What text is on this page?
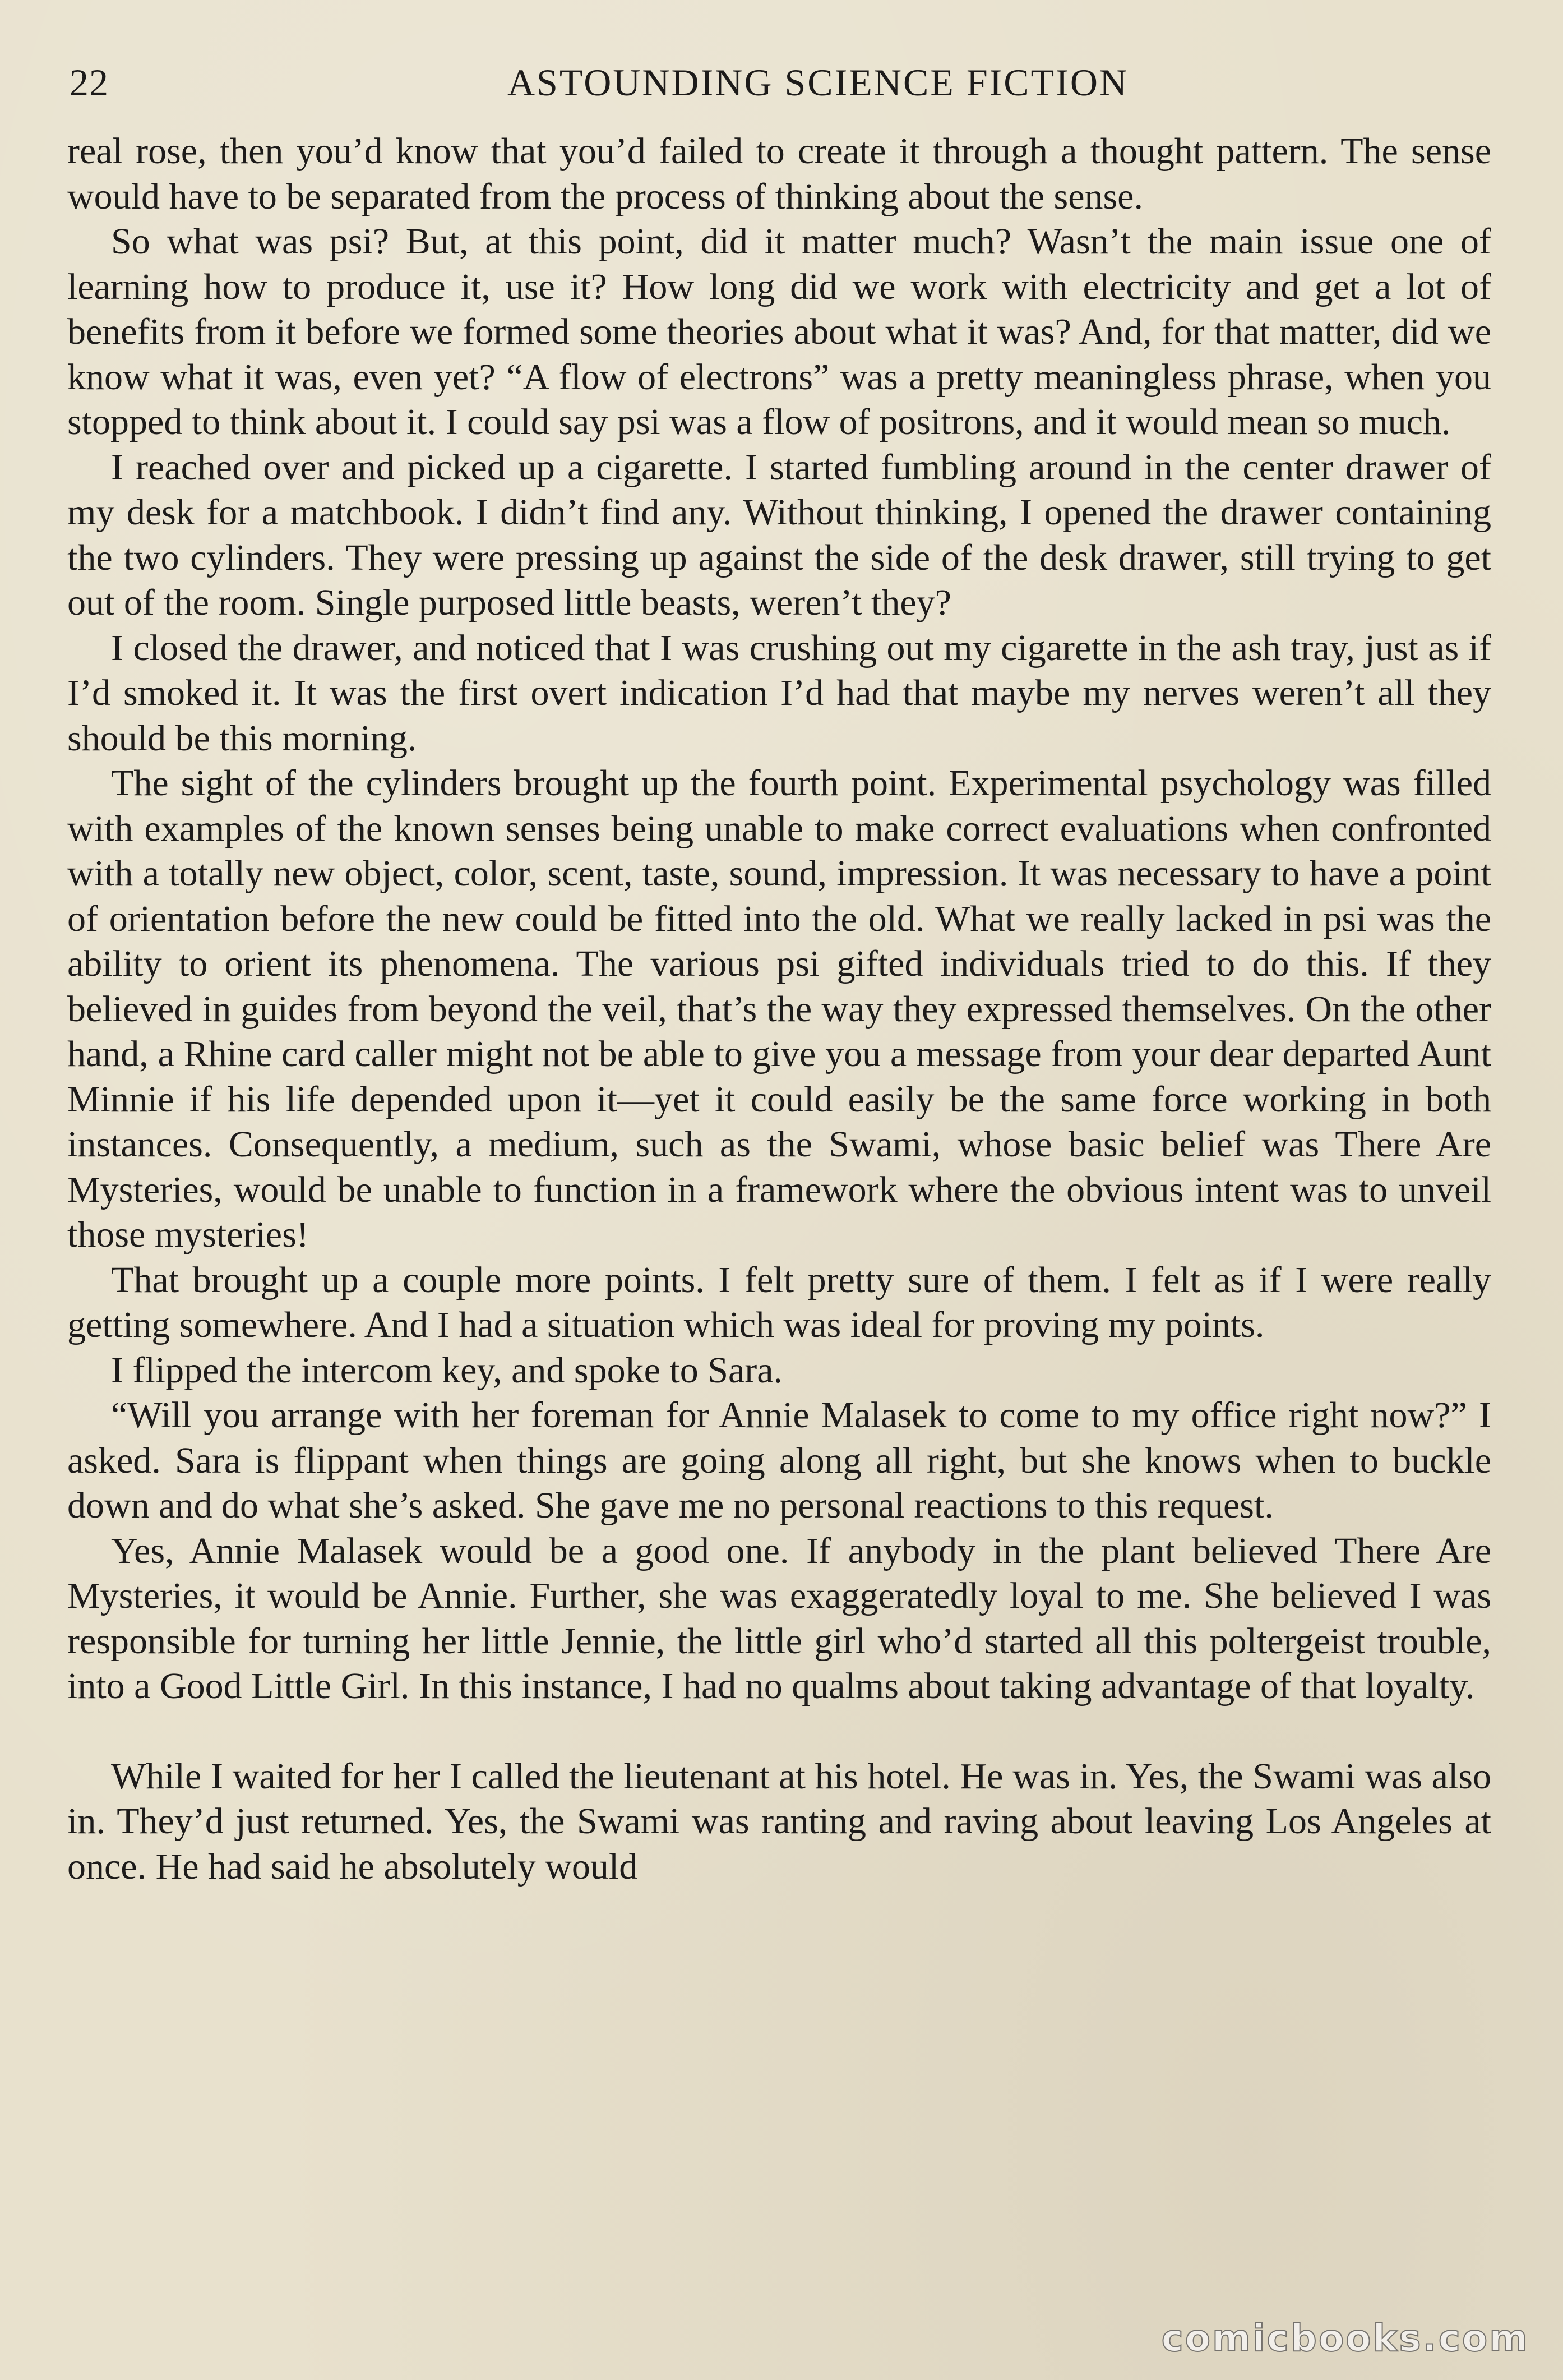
22	ASTOUNDING SCIENCE FICTION

real rose, then you’d know that you’d failed to create it through a thought pattern. The sense would have to be separated from the process of thinking about the sense.

So what was psi? But, at this point, did it matter much? Wasn’t the main issue one of learning how to produce it, use it? How long did we work with electricity and get a lot of benefits from it before we formed some theories about what it was? And, for that matter, did we know what it was, even yet? “A flow of electrons” was a pretty meaningless phrase, when you stopped to think about it. I could say psi was a flow of positrons, and it would mean so much.

I reached over and picked up a cigarette. I started fumbling around in the center drawer of my desk for a matchbook. I didn’t find any. Without thinking, I opened the drawer containing the two cylinders. They were pressing up against the side of the desk drawer, still trying to get out of the room. Single purposed little beasts, weren’t they?

I closed the drawer, and noticed that I was crushing out my cigarette in the ash tray, just as if I’d smoked it. It was the first overt indication I’d had that maybe my nerves weren’t all they should be this morning.

The sight of the cylinders brought up the fourth point. Experimental psychology was filled with examples of the known senses being unable to make correct evaluations when confronted with a totally new object, color, scent, taste, sound, impression. It was necessary to have a point of orientation before the new could be fitted into the old. What we really lacked in psi was the ability to orient its phenomena. The various psi gifted individuals tried to do this. If they believed in guides from beyond the veil, that’s the way they expressed themselves. On the other hand, a Rhine card caller might not be able to give you a message from your dear departed Aunt Minnie if his life depended upon it—yet it could easily be the same force working in both instances. Consequently, a medium, such as the Swami, whose basic belief was There Are Mysteries, would be unable to function in a framework where the obvious intent was to unveil those mysteries!

That brought up a couple more points. I felt pretty sure of them. I felt as if I were really getting somewhere. And I had a situation which was ideal for proving my points.

I flipped the intercom key, and spoke to Sara.

“Will you arrange with her foreman for Annie Malasek to come to my office right now?” I asked. Sara is flippant when things are going along all right, but she knows when to buckle down and do what she’s asked. She gave me no personal reactions to this request.

Yes, Annie Malasek would be a good one. If anybody in the plant believed There Are Mysteries, it would be Annie. Further, she was exaggeratedly loyal to me. She believed I was responsible for turning her little Jennie, the little girl who’d started all this poltergeist trouble, into a Good Little Girl. In this instance, I had no qualms about taking advantage of that loyalty.

While I waited for her I called the lieutenant at his hotel. He was in. Yes, the Swami was also in. They’d just returned. Yes, the Swami was ranting and raving about leaving Los Angeles at once. He had said he absolutely would

comicbooks.com
